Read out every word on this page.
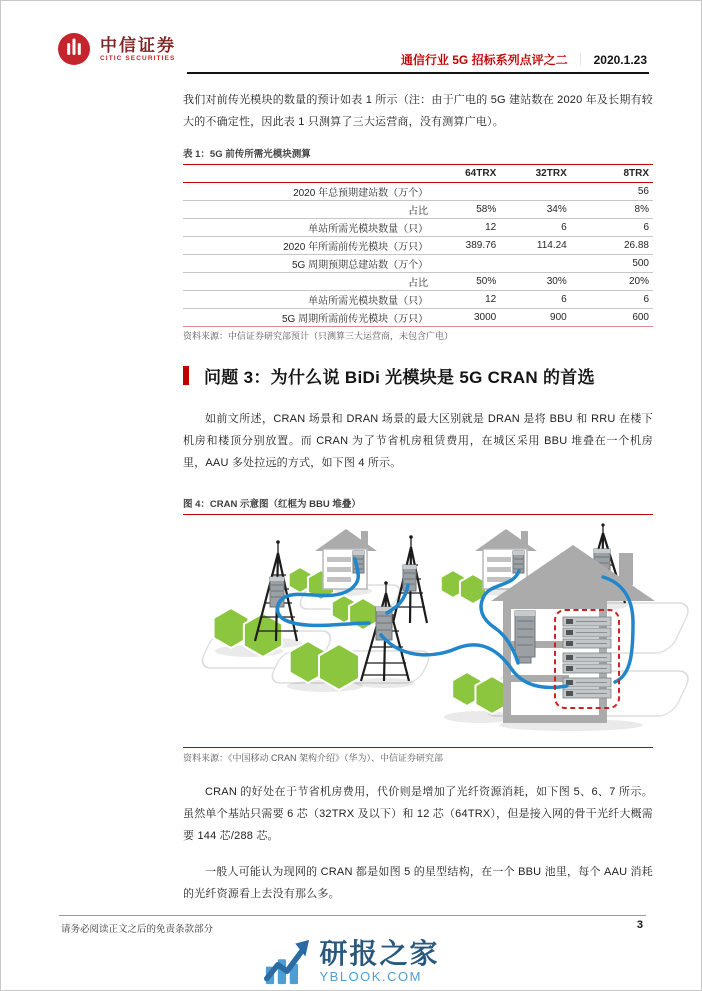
中信证券
CITIC SECURITIES	通信行业 5G 招标系列点评之二 ｜ 2020.1.23

我们对前传光模块的数量的预计如表 1 所示（注：由于广电的 5G 建站数在 2020 年及长期有较大的不确定性，因此表 1 只测算了三大运营商，没有测算广电）。

表 1：5G 前传所需光模块测算
	64TRX	32TRX	8TRX
2020 年总预期建站数（万个）			56
占比	58%	34%	8%
单站所需光模块数量（只）	12	6	6
2020 年所需前传光模块（万只）	389.76	114.24	26.88
5G 周期预期总建站数（万个）			500
占比	50%	30%	20%
单站所需光模块数量（只）	12	6	6
5G 周期所需前传光模块（万只）	3000	900	600
资料来源：中信证券研究部预计（只测算三大运营商，未包含广电）
问题 3：为什么说 BiDi 光模块是 5G CRAN 的首选

如前文所述，CRAN 场景和 DRAN 场景的最大区别就是 DRAN 是将 BBU 和 RRU 在楼下机房和楼顶分别放置。而 CRAN 为了节省机房租赁费用，在城区采用 BBU 堆叠在一个机房里，AAU 多处拉远的方式，如下图 4 所示。

图 4：CRAN 示意图（红框为 BBU 堆叠）
资料来源：《中国移动 CRAN 架构介绍》（华为）、中信证券研究部

CRAN 的好处在于节省机房费用，代价则是增加了光纤资源消耗，如下图 5、6、7 所示。虽然单个基站只需要 6 芯（32TRX 及以下）和 12 芯（64TRX），但是接入网的骨干光纤大概需要 144 芯/288 芯。

一般人可能认为现网的 CRAN 都是如图 5 的星型结构，在一个 BBU 池里，每个 AAU 消耗的光纤资源看上去没有那么多。

请务必阅读正文之后的免责条款部分	3
研报之家
YBLOOK.COM
